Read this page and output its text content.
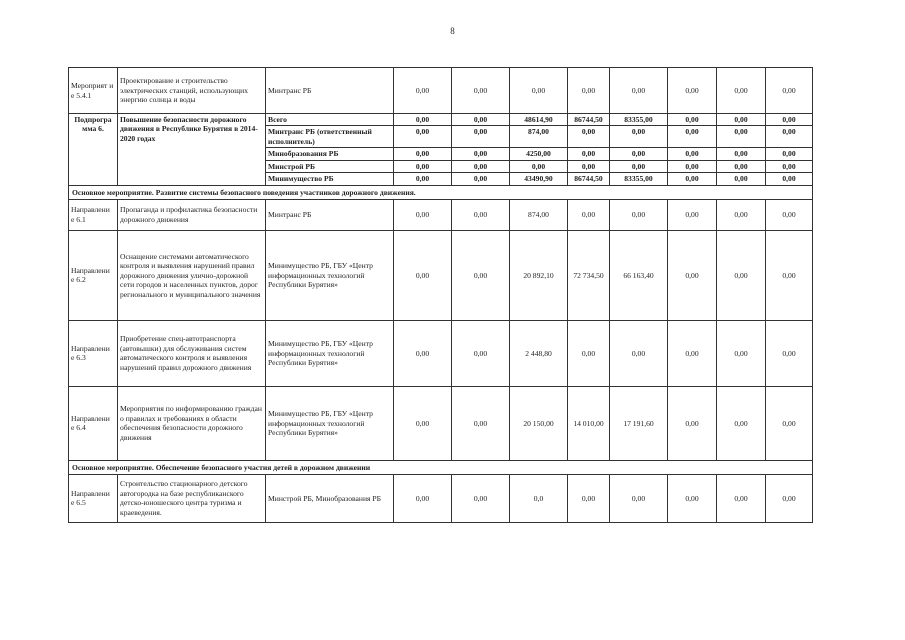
8
Мероприят ие 5.4.1	Проектирование и строительство электрических станций, использующих энергию солнца и воды	Минтранс РБ	0,00	0,00	0,00	0,00	0,00	0,00	0,00	0,00
Подпрогра мма 6.	Повышение безопасности дорожного движения в Республике Бурятия в 2014-2020 годах	Всего	0,00	0,00	48614,90	86744,50	83355,00	0,00	0,00	0,00
		Минтранс РБ (ответственный исполнитель)	0,00	0,00	874,00	0,00	0,00	0,00	0,00	0,00
		Минобразования РБ	0,00	0,00	4250,00	0,00	0,00	0,00	0,00	0,00
		Минстрой РБ	0,00	0,00	0,00	0,00	0,00	0,00	0,00	0,00
		Минимущество РБ	0,00	0,00	43490,90	86744,50	83355,00	0,00	0,00	0,00
Основное мероприятие. Развитие системы безопасного поведения участников дорожного движения.										
Направлени е 6.1	Пропаганда и профилактика безопасности дорожного движения	Минтранс РБ	0,00	0,00	874,00	0,00	0,00	0,00	0,00	0,00
Направлени е 6.2	Оснащение системами автоматического контроля и выявления нарушений правил дорожного движения улично-дорожной сети городов и населенных пунктов, дорог регионального и муниципального значения	Минимущество РБ, ГБУ «Центр информационных технологий Республики Бурятия»	0,00	0,00	20 892,10	72 734,50	66 163,40	0,00	0,00	0,00
Направлени е 6.3	Приобретение спец-автотранспорта (автовышки) для обслуживания систем автоматического контроля и выявления нарушений правил дорожного движения	Минимущество РБ, ГБУ «Центр информационных технологий Республики Бурятия»	0,00	0,00	2 448,80	0,00	0,00	0,00	0,00	0,00
Направлени е 6.4	Мероприятия по информированию граждан о правилах и требованиях в области обеспечения безопасности дорожного движения	Минимущество РБ, ГБУ «Центр информационных технологий Республики Бурятия»	0,00	0,00	20 150,00	14 010,00	17 191,60	0,00	0,00	0,00
Основное мероприятие. Обеспечение безопасного участия детей в дорожном движении										
Направлени е 6.5	Строительство стационарного детского автогородка на базе республиканского детско-юношеского центра туризма и краеведения.	Минстрой РБ, Минобразования РБ	0,00	0,00	0,0	0,00	0,00	0,00	0,00	0,00
